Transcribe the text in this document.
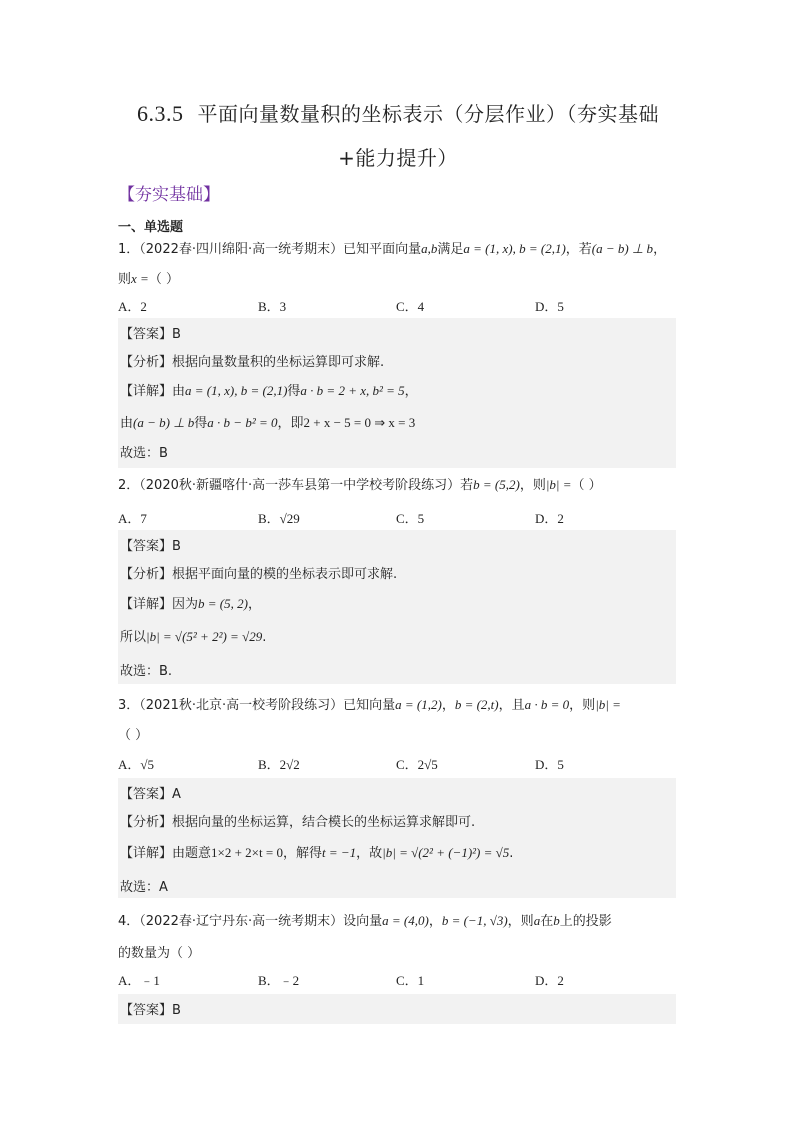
6.3.5 平面向量数量积的坐标表示（分层作业）（夯实基础
+能力提升）
【夯实基础】
一、单选题
1．（2022春·四川绵阳·高一统考期末）已知平面向量a,b满足a = (1, x), b = (2,1)，若(a − b) ⊥ b，
则x =（ ）
A．2	B．3	C．4	D．5
【答案】B
【分析】根据向量数量积的坐标运算即可求解.
【详解】由a = (1, x), b = (2,1)得a · b = 2 + x, b² = 5，
由(a − b) ⊥ b得a · b − b² = 0，即2 + x − 5 = 0 ⇒ x = 3
故选：B
2．（2020秋·新疆喀什·高一莎车县第一中学校考阶段练习）若b = (5,2)，则|b| =（ ）
A．7	B．√29	C．5	D．2
【答案】B
【分析】根据平面向量的模的坐标表示即可求解.
【详解】因为b = (5, 2)，
所以|b| = √(5² + 2²) = √29.
故选：B.
3．（2021秋·北京·高一校考阶段练习）已知向量a = (1,2)，b = (2,t)，且a · b = 0，则|b| =
（ ）
A．√5	B．2√2	C．2√5	D．5
【答案】A
【分析】根据向量的坐标运算，结合模长的坐标运算求解即可.
【详解】由题意1×2 + 2×t = 0，解得t = −1，故|b| = √(2² + (−1)²) = √5.
故选：A
4．（2022春·辽宁丹东·高一统考期末）设向量a = (4,0)，b = (−1, √3)，则a在b上的投影
的数量为（ ）
A．﹣1	B．﹣2	C．1	D．2
【答案】B
